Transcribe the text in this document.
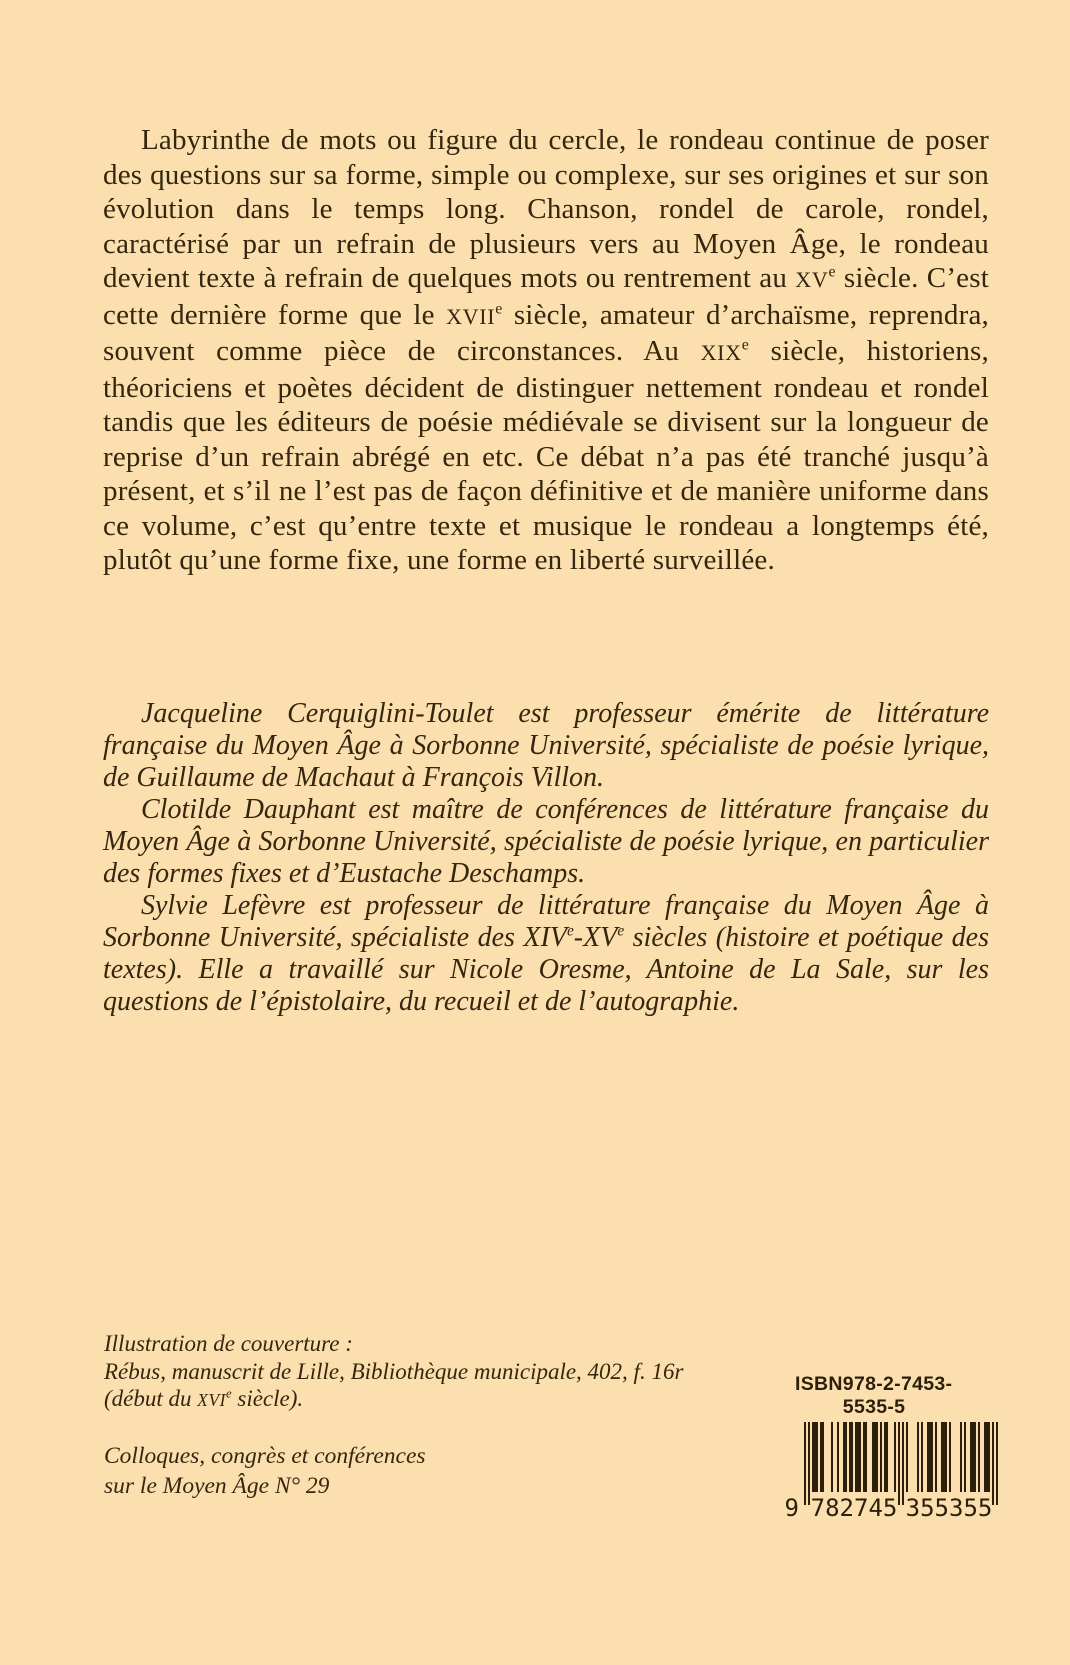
Labyrinthe de mots ou figure du cercle, le rondeau continue de poser des questions sur sa forme, simple ou complexe, sur ses origines et sur son évolution dans le temps long. Chanson, rondel de carole, rondel, caractérisé par un refrain de plusieurs vers au Moyen Âge, le rondeau devient texte à refrain de quelques mots ou rentrement au XVe siècle. C’est cette dernière forme que le XVIIe siècle, amateur d’archaïsme, reprendra, souvent comme pièce de circonstances. Au XIXe siècle, historiens, théoriciens et poètes décident de distinguer nettement rondeau et rondel tandis que les éditeurs de poésie médiévale se divisent sur la longueur de reprise d’un refrain abrégé en etc. Ce débat n’a pas été tranché jusqu’à présent, et s’il ne l’est pas de façon définitive et de manière uniforme dans ce volume, c’est qu’entre texte et musique le rondeau a longtemps été, plutôt qu’une forme fixe, une forme en liberté surveillée.

Jacqueline Cerquiglini-Toulet est professeur émérite de littérature française du Moyen Âge à Sorbonne Université, spécialiste de poésie lyrique, de Guillaume de Machaut à François Villon.

Clotilde Dauphant est maître de conférences de littérature française du Moyen Âge à Sorbonne Université, spécialiste de poésie lyrique, en particulier des formes fixes et d’Eustache Deschamps.

Sylvie Lefèvre est professeur de littérature française du Moyen Âge à Sorbonne Université, spécialiste des XIVe-XVe siècles (histoire et poétique des textes). Elle a travaillé sur Nicole Oresme, Antoine de La Sale, sur les questions de l’épistolaire, du recueil et de l’autographie.

Illustration de couverture :
Rébus, manuscrit de Lille, Bibliothèque municipale, 402, f. 16r
(début du XVIe siècle).
Colloques, congrès et conférences
sur le Moyen Âge N° 29
ISBN 978-2-7453-5535-5
9 782745 355355
